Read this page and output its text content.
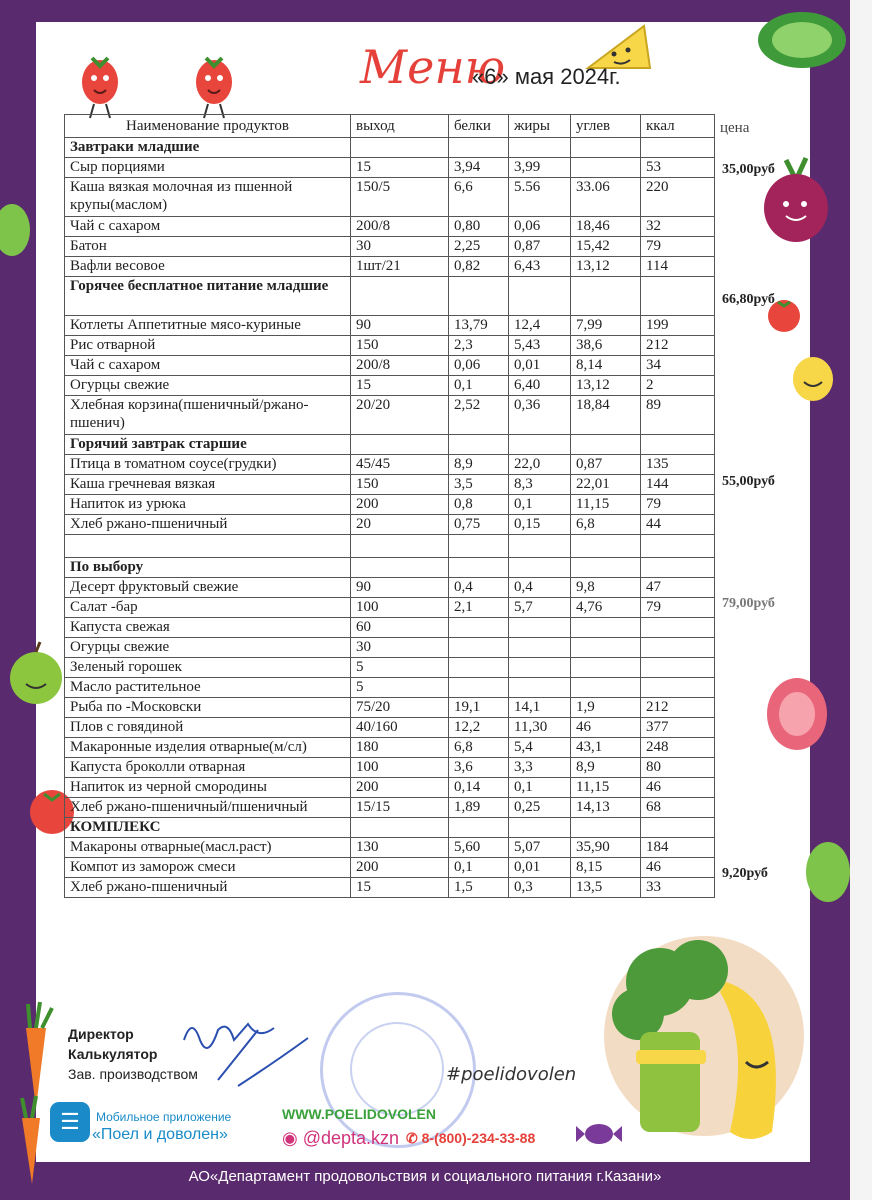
Меню
«6» мая 2024г.
Наименование продуктов	выход	белки	жиры	углев	ккал
Завтраки младшие					
Сыр порциями	15	3,94	3,99		53
Каша вязкая молочная из пшенной крупы(маслом)	150/5	6,6	5.56	33.06	220
Чай с сахаром	200/8	0,80	0,06	18,46	32
Батон	30	2,25	0,87	15,42	79
Вафли весовое	1шт/21	0,82	6,43	13,12	114
Горячее бесплатное питание младшие					
Котлеты Аппетитные мясо-куриные	90	13,79	12,4	7,99	199
Рис отварной	150	2,3	5,43	38,6	212
Чай с сахаром	200/8	0,06	0,01	8,14	34
Огурцы свежие	15	0,1	6,40	13,12	2
Хлебная корзина(пшеничный/ржано-пшенич)	20/20	2,52	0,36	18,84	89
Горячий завтрак старшие					
Птица в томатном соусе(грудки)	45/45	8,9	22,0	0,87	135
Каша гречневая вязкая	150	3,5	8,3	22,01	144
Напиток из урюка	200	0,8	0,1	11,15	79
Хлеб ржано-пшеничный	20	0,75	0,15	6,8	44

По выбору					
Десерт фруктовый свежие	90	0,4	0,4	9,8	47
Салат -бар	100	2,1	5,7	4,76	79
Капуста свежая	60				
Огурцы свежие	30				
Зеленый горошек	5				
Масло растительное	5				
Рыба по -Московски	75/20	19,1	14,1	1,9	212
Плов с говядиной	40/160	12,2	11,30	46	377
Макаронные изделия отварные(м/сл)	180	6,8	5,4	43,1	248
Капуста броколли отварная	100	3,6	3,3	8,9	80
Напиток из черной смородины	200	0,14	0,1	11,15	46
Хлеб ржано-пшеничный/пшеничный	15/15	1,89	0,25	14,13	68
КОМПЛЕКС					
Макароны отварные(масл.раст)	130	5,60	5,07	35,90	184
Компот из заморож смеси	200	0,1	0,01	8,15	46
Хлеб ржано-пшеничный	15	1,5	0,3	13,5	33
цена
35,00руб
66,80руб
55,00руб
79,00руб
9,20руб
Директор
Калькулятор
Зав. производством	#poelidovolen
☰	Мобильное приложение
«Поел и доволен»
WWW.POELIDOVOLEN
◉ @depta.kzn ✆ 8-(800)-234-33-88
АО«Департамент продовольствия и социального питания г.Казани»
